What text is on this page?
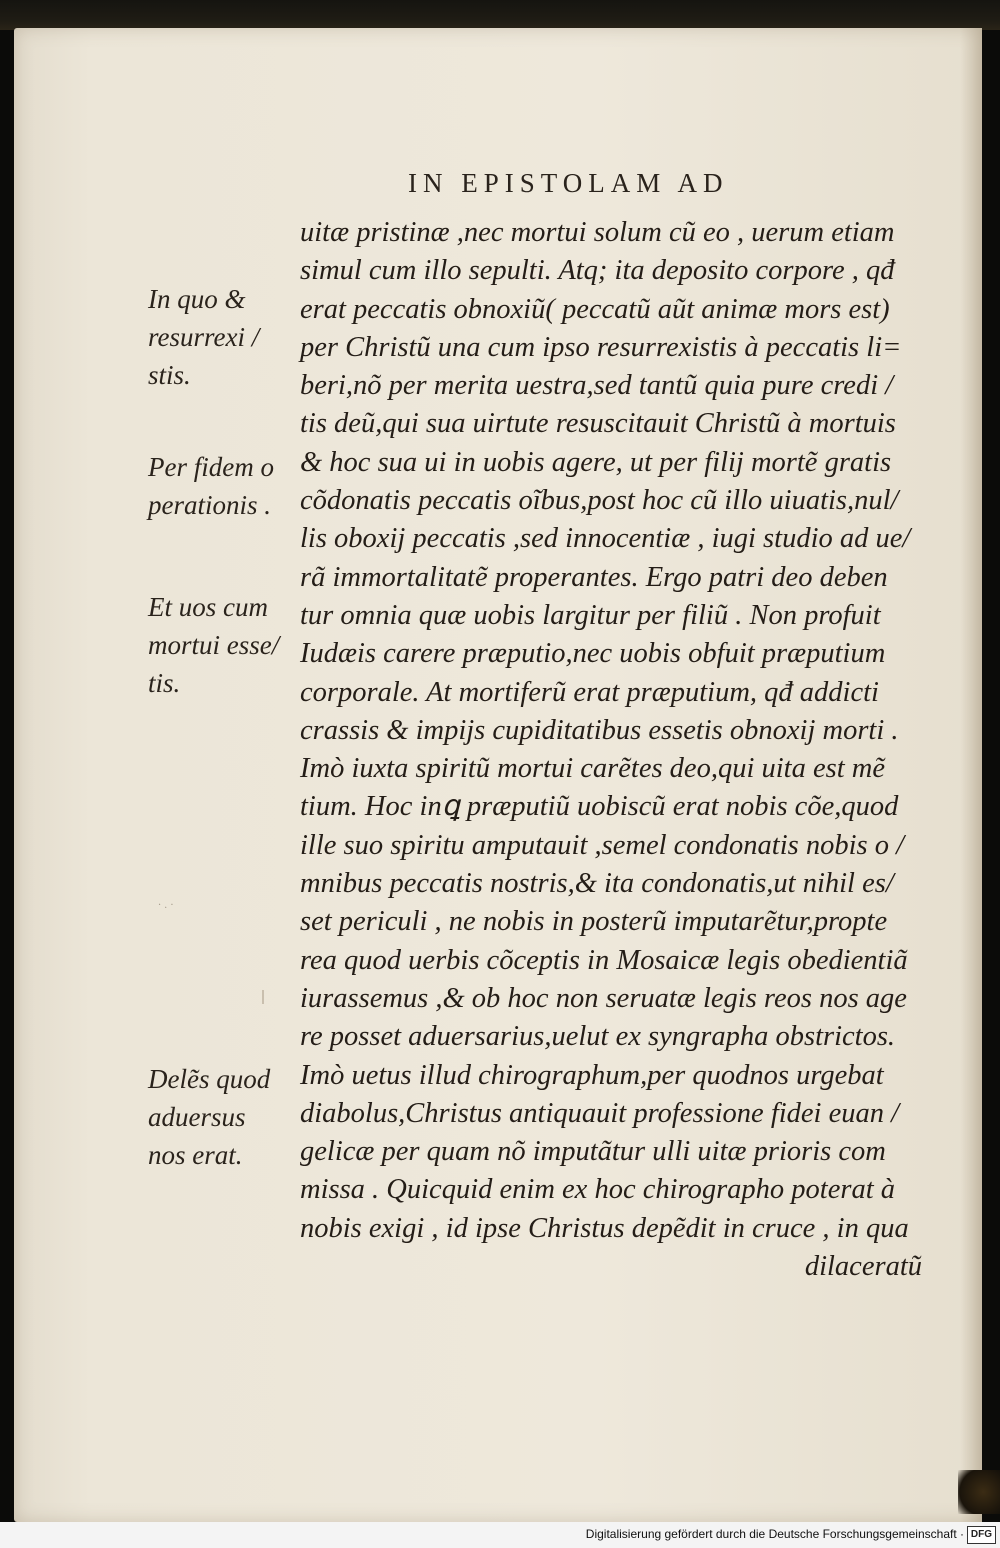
IN EPISTOLAM AD
uitæ pristinæ ,nec mortui solum cũ eo , uerum etiam
simul cum illo sepulti. Atq; ita deposito corpore , qđ
erat peccatis obnoxiũ( peccatũ aũt animæ mors est)
per Christũ una cum ipso resurrexistis à peccatis li=
beri,nõ per merita uestra,sed tantũ quia pure credi /
tis deũ,qui sua uirtute resuscitauit Christũ à mortuis
& hoc sua ui in uobis agere, ut per filij mortẽ gratis
cõdonatis peccatis oĩbus,post hoc cũ illo uiuatis,nul/
lis oboxij peccatis ,sed innocentiæ , iugi studio ad ue/
rã immortalitatẽ properantes. Ergo patri deo deben
tur omnia quæ uobis largitur per filiũ . Non profuit
Iudæis carere præputio,nec uobis obfuit præputium
corporale. At mortiferũ erat præputium, qđ addicti
crassis & impijs cupiditatibus essetis obnoxij morti .
Imò iuxta spiritũ mortui carẽtes deo,qui uita est mẽ
tium. Hoc inꝗ præputiũ uobiscũ erat nobis cõe,quod
ille suo spiritu amputauit ,semel condonatis nobis o /
mnibus peccatis nostris,& ita condonatis,ut nihil es/
set periculi , ne nobis in posterũ imputarẽtur,propte
rea quod uerbis cõceptis in Mosaicæ legis obedientiã
iurassemus ,& ob hoc non seruatæ legis reos nos age
re posset aduersarius,uelut ex syngrapha obstrictos.
Imò uetus illud chirographum,per quodnos urgebat
diabolus,Christus antiquauit professione fidei euan /
gelicæ per quam nõ imputãtur ulli uitæ prioris com
missa . Quicquid enim ex hoc chirographo poterat à
nobis exigi , id ipse Christus depẽdit in cruce , in qua
dilaceratũ
In quo &
resurrexi /
stis.
Per fidem o
perationis .
Et uos cum
mortui esse/
tis.
Delẽs quod
aduersus
nos erat.
·.·
Digitalisierung gefördert durch die Deutsche Forschungsgemeinschaft · DFG
